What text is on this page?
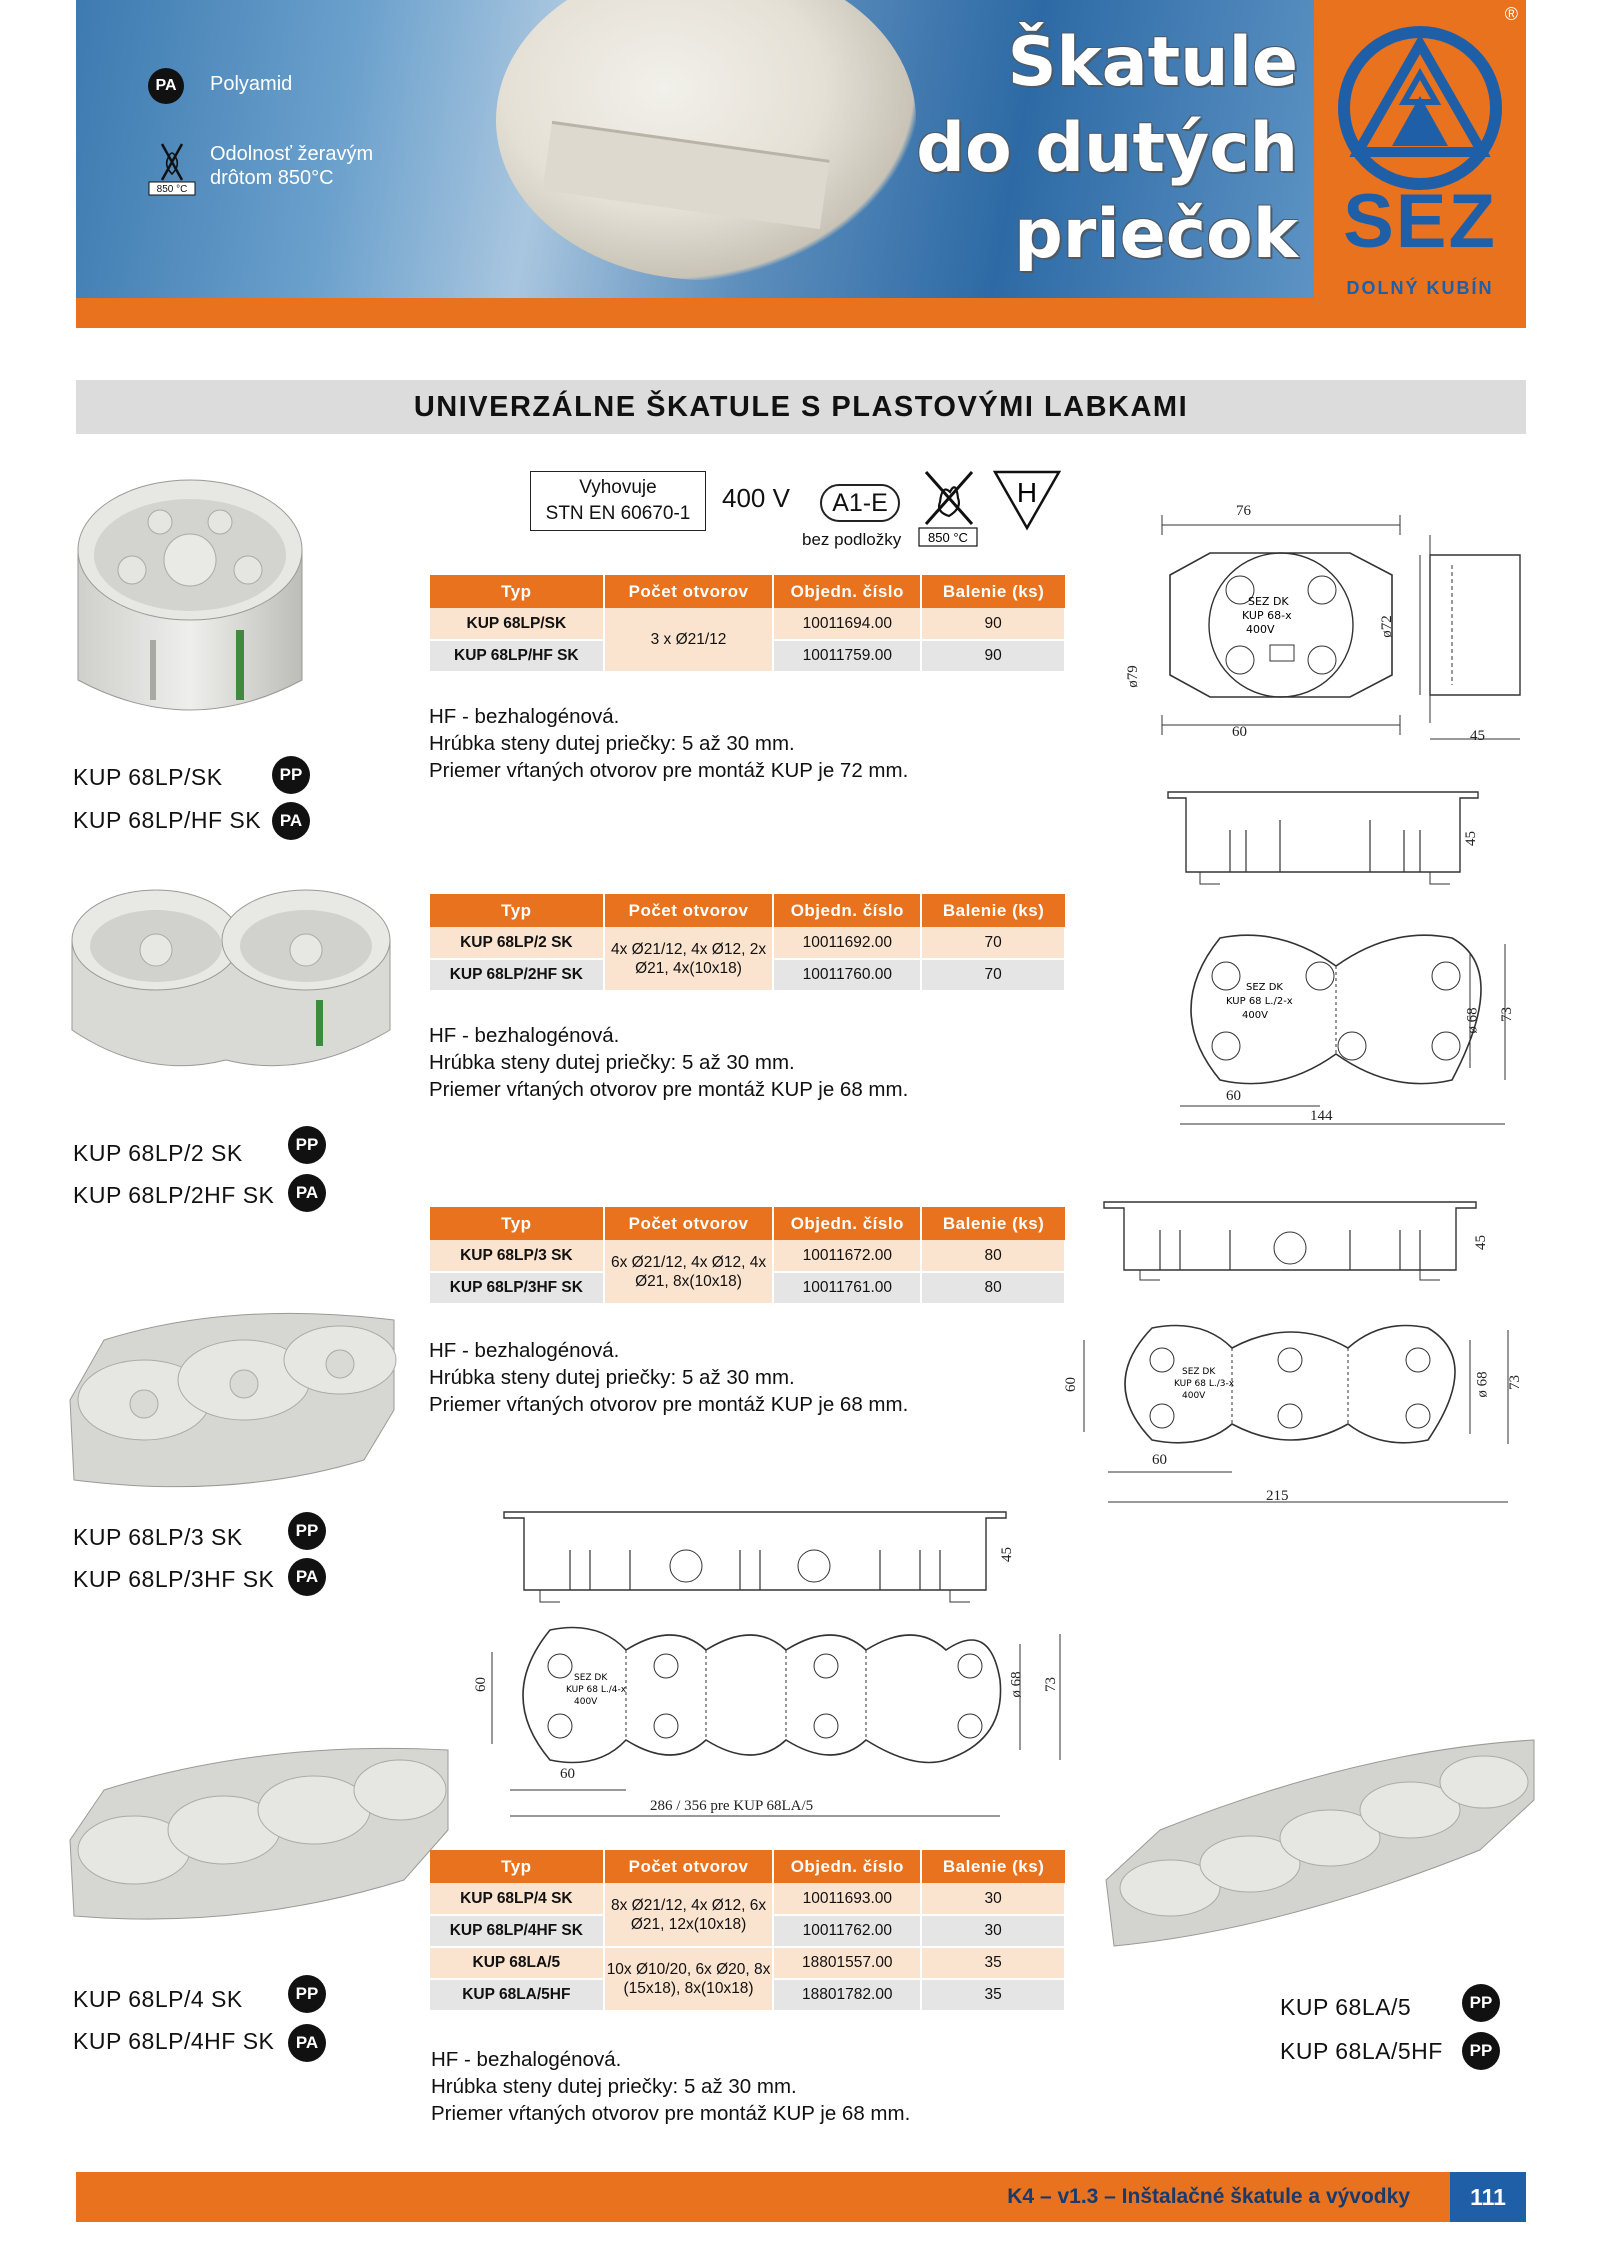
PA	Polyamid
850 °C
Odolnosť žeravým
drôtom 850°C
Škatule
do dutých
priečok
®
SEZ
DOLNÝ KUBÍN
UNIVERZÁLNE ŠKATULE S PLASTOVÝMI LABKAMI
Vyhovuje
STN EN 60670-1
400 V	A1-E
bez podložky 850 °C
H
Typ	Počet otvorov	Objedn. číslo	Balenie (ks)
KUP 68LP/SK	3 x Ø21/12	10011694.00	90
KUP 68LP/HF SK		10011759.00	90
HF - bezhalogénová.
Hrúbka steny dutej priečky: 5 až 30 mm.
Priemer vŕtaných otvorov pre montáž KUP je 72 mm.
KUP 68LP/SK	PP
KUP 68LP/HF SK	PA
SEZ DK
KUP 68-x
400V
76
ø79
ø72
60	45
45
Typ	Počet otvorov	Objedn. číslo	Balenie (ks)
KUP 68LP/2 SK	4x Ø21/12, 4x Ø12, 2x Ø21, 4x(10x18)	10011692.00	70
KUP 68LP/2HF SK		10011760.00	70
HF - bezhalogénová.
Hrúbka steny dutej priečky: 5 až 30 mm.
Priemer vŕtaných otvorov pre montáž KUP je 68 mm.
KUP 68LP/2 SK	PP
KUP 68LP/2HF SK	PA
SEZ DK
KUP 68 L./2-x
400V
60
144
ø 68 73
45
Typ	Počet otvorov	Objedn. číslo	Balenie (ks)
KUP 68LP/3 SK	6x Ø21/12, 4x Ø12, 4x Ø21, 8x(10x18)	10011672.00	80
KUP 68LP/3HF SK		10011761.00	80
HF - bezhalogénová.
Hrúbka steny dutej priečky: 5 až 30 mm.
Priemer vŕtaných otvorov pre montáž KUP je 68 mm.
KUP 68LP/3 SK	PP
KUP 68LP/3HF SK	PA
SEZ DK
KUP 68 L./3-x
400V
60	ø 68 73
60
215
45
SEZ DK
KUP 68 L./4-x
400V
60	ø 68 73
60
286 / 356 pre KUP 68LA/5
Typ	Počet otvorov	Objedn. číslo	Balenie (ks)
KUP 68LP/4 SK	8x Ø21/12, 4x Ø12, 6x Ø21, 12x(10x18)	10011693.00	30
KUP 68LP/4HF SK		10011762.00	30
KUP 68LA/5	10x Ø10/20, 6x Ø20, 8x (15x18), 8x(10x18)	18801557.00	35
KUP 68LA/5HF		18801782.00	35
HF - bezhalogénová.
Hrúbka steny dutej priečky: 5 až 30 mm.
Priemer vŕtaných otvorov pre montáž KUP je 68 mm.
KUP 68LP/4 SK	PP
KUP 68LP/4HF SK	PA
KUP 68LA/5	PP
KUP 68LA/5HF	PP
K4 – v1.3 – Inštalačné škatule a vývodky	111
